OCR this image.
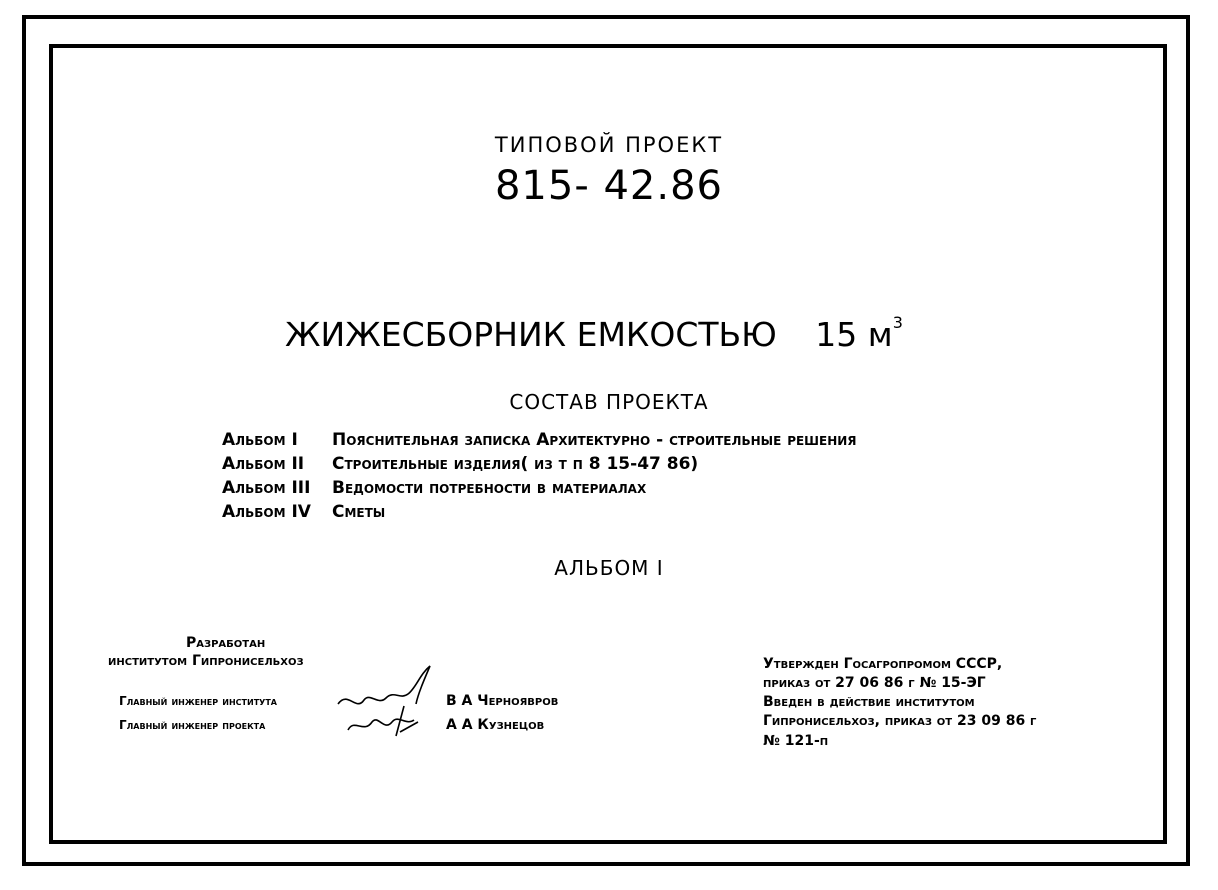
ТИПОВОЙ ПРОЕКТ
815- 42.86
ЖИЖЕСБОРНИК ЕМКОСТЬЮ 15 $м^3$
СОСТАВ ПРОЕКТА
Альбом I Пояснительная записка Архитектурно - строительные решения
Альбом II Строительные изделия( из т п 8 15-47 86)
Альбом III Ведомости потребности в материалах
Альбом IV Сметы
АЛЬБОМ I
Разработан
институтом Гипронисельхоз
Главный инженер института
Главный инженер проекта
В А Черноявров
А А Кузнецов
Утвержден Госагропромом СССР,
приказ от 27 06 86 г № 15-ЭГ
Введен в действие институтом
Гипронисельхоз, приказ от 23 09 86 г
№ 121-п
